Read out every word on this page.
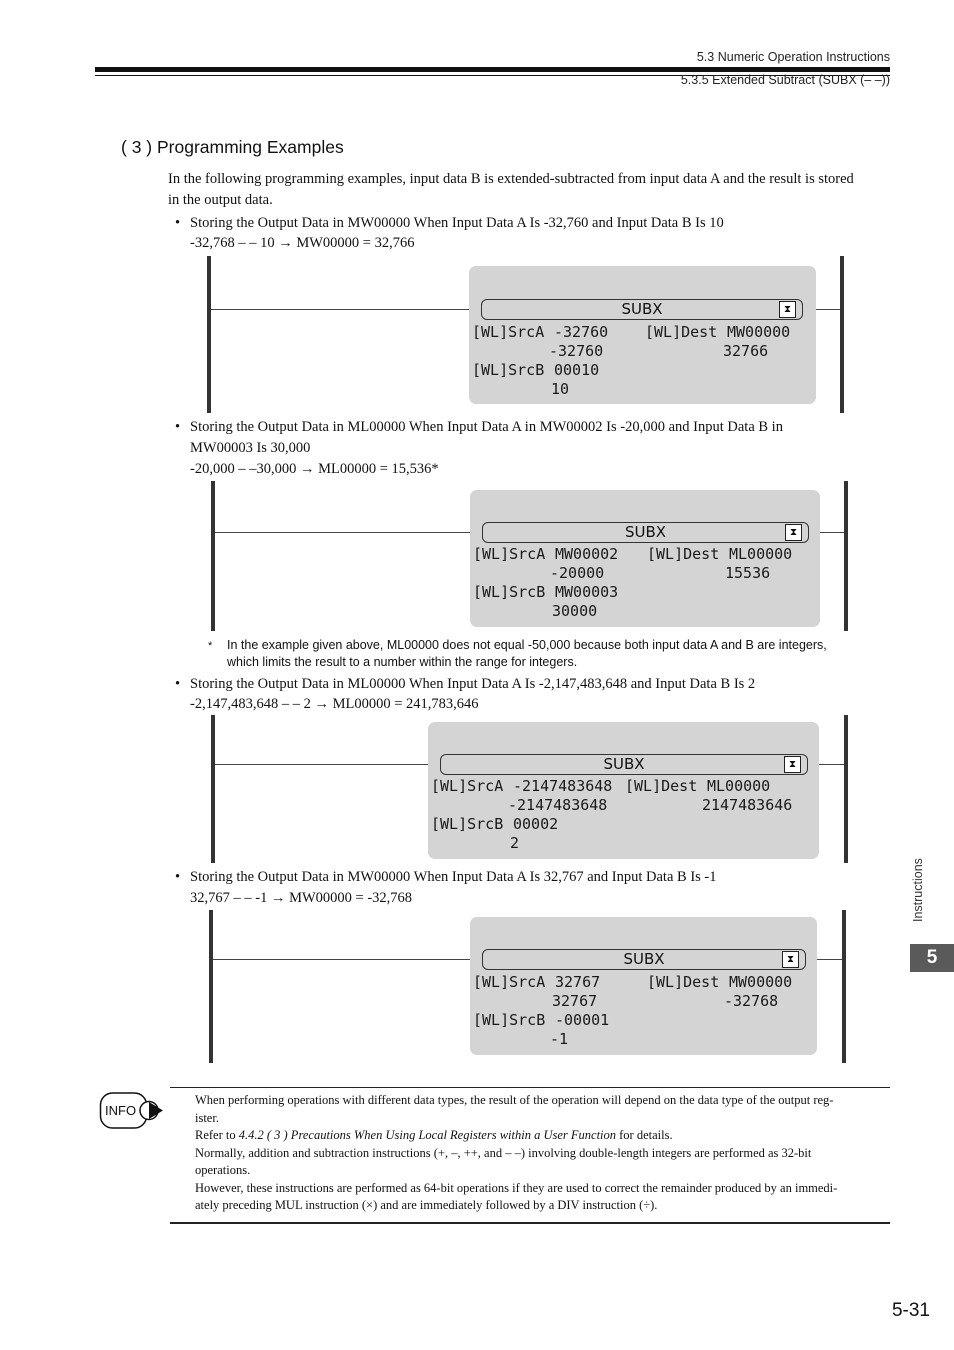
5.3 Numeric Operation Instructions
5.3.5 Extended Subtract (SUBX (– –))
( 3 ) Programming Examples
In the following programming examples, input data B is extended-subtracted from input data A and the result is stored
in the output data.
• Storing the Output Data in MW00000 When Input Data A Is -32,760 and Input Data B Is 10
-32,768 – – 10 → MW00000 = 32,766
SUBX	⧗
[WL]SrcA -32760
-32760
[WL]SrcB 00010
10
[WL]Dest MW00000
32766
• Storing the Output Data in ML00000 When Input Data A in MW00002 Is -20,000 and Input Data B in
MW00003 Is 30,000
-20,000 – –30,000 → ML00000 = 15,536*
SUBX	⧗
[WL]SrcA MW00002
-20000
[WL]SrcB MW00003
30000
[WL]Dest ML00000
15536
* In the example given above, ML00000 does not equal -50,000 because both input data A and B are integers,
which limits the result to a number within the range for integers.
• Storing the Output Data in ML00000 When Input Data A Is -2,147,483,648 and Input Data B Is 2
-2,147,483,648 – – 2 → ML00000 = 241,783,646
SUBX	⧗
[WL]SrcA -2147483648
-2147483648
[WL]SrcB 00002
2
[WL]Dest ML00000
2147483646
• Storing the Output Data in MW00000 When Input Data A Is 32,767 and Input Data B Is -1
32,767 – – -1 → MW00000 = -32,768
SUBX	⧗
[WL]SrcA 32767
32767
[WL]SrcB -00001
-1
[WL]Dest MW00000
-32768
INFO
When performing operations with different data types, the result of the operation will depend on the data type of the output reg-
ister.
Refer to 4.4.2 ( 3 ) Precautions When Using Local Registers within a User Function for details.
Normally, addition and subtraction instructions (+, –, ++, and – –) involving double-length integers are performed as 32-bit
operations.
However, these instructions are performed as 64-bit operations if they are used to correct the remainder produced by an immedi-
ately preceding MUL instruction (×) and are immediately followed by a DIV instruction (÷).
Instructions
5
5-31
